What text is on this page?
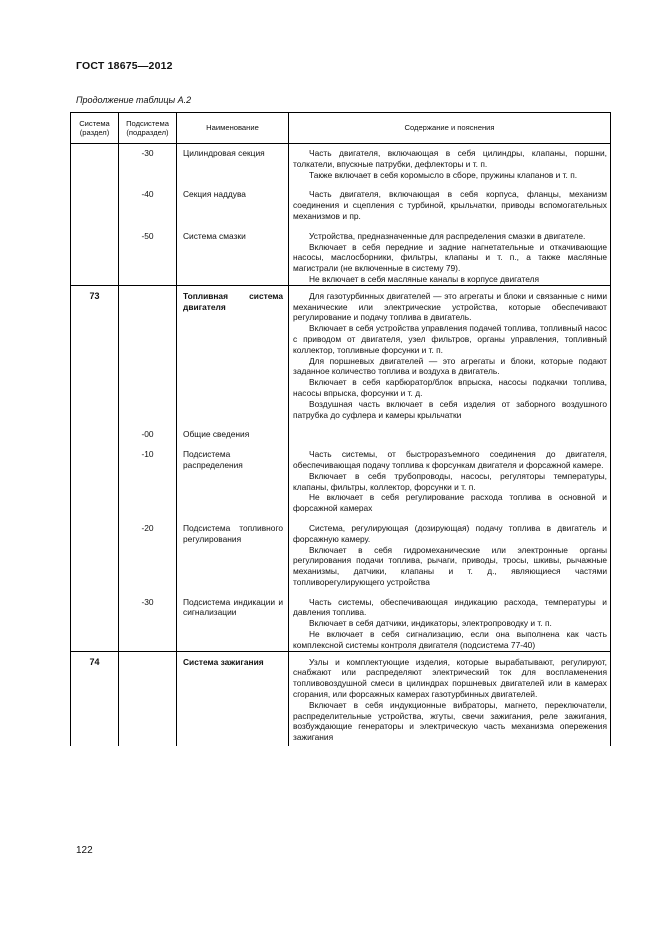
ГОСТ 18675—2012
Продолжение таблицы А.2
Система (раздел)	Подсистема (подраздел)	Наименование	Содержание и пояснения
	-30	Цилиндровая секция	Часть двигателя, включающая в себя цилиндры, клапаны, поршни, толкатели, впускные патрубки, дефлекторы и т. п.

Также включает в себя коромысло в сборе, пружины клапанов и т. п.

	-40	Секция наддува	Часть двигателя, включающая в себя корпуса, фланцы, механизм соединения и сцепления с турбиной, крыльчатки, приводы вспомогательных механизмов и пр.

	-50	Система смазки	Устройства, предназначенные для распределения смазки в двигателе.

Включает в себя передние и задние нагнетательные и откачивающие насосы, маслосборники, фильтры, клапаны и т. п., а также масляные магистрали (не включенные в систему 79).

Не включает в себя масляные каналы в корпусе двигателя

73		Топливная система двигателя	Для газотурбинных двигателей — это агрегаты и блоки и связанные с ними механические или электрические устройства, которые обеспечивают регулирование и подачу топлива в двигатель.

Включает в себя устройства управления подачей топлива, топливный насос с приводом от двигателя, узел фильтров, органы управления, топливный коллектор, топливные форсунки и т. п.

Для поршневых двигателей — это агрегаты и блоки, которые подают заданное количество топлива и воздуха в двигатель.

Включает в себя карбюратор/блок впрыска, насосы подкачки топлива, насосы впрыска, форсунки и т. д.

Воздушная часть включает в себя изделия от заборного воздушного патрубка до суфлера и камеры крыльчатки

	-00	Общие сведения	
	-10	Подсистема распределения	Часть системы, от быстроразъемного соединения до двигателя, обеспечивающая подачу топлива к форсункам двигателя и форсажной камере.

Включает в себя трубопроводы, насосы, регуляторы температуры, клапаны, фильтры, коллектор, форсунки и т. п.

Не включает в себя регулирование расхода топлива в основной и форсажной камерах

	-20	Подсистема топливного регулирования	Система, регулирующая (дозирующая) подачу топлива в двигатель и форсажную камеру.

Включает в себя гидромеханические или электронные органы регулирования подачи топлива, рычаги, приводы, тросы, шкивы, рычажные механизмы, датчики, клапаны и т. д., являющиеся частями топливорегулирующего устройства

	-30	Подсистема индикации и сигнализации	Часть системы, обеспечивающая индикацию расхода, температуры и давления топлива.

Включает в себя датчики, индикаторы, электропроводку и т. п.

Не включает в себя сигнализацию, если она выполнена как часть комплексной системы контроля двигателя (подсистема 77-40)

74		Система зажигания	Узлы и комплектующие изделия, которые вырабатывают, регулируют, снабжают или распределяют электрический ток для воспламенения топливовоздушной смеси в цилиндрах поршневых двигателей или в камерах сгорания, или форсажных камерах газотурбинных двигателей.

Включает в себя индукционные вибраторы, магнето, переключатели, распределительные устройства, жгуты, свечи зажигания, реле зажигания, возбуждающие генераторы и электрическую часть механизма опережения зажигания

122
